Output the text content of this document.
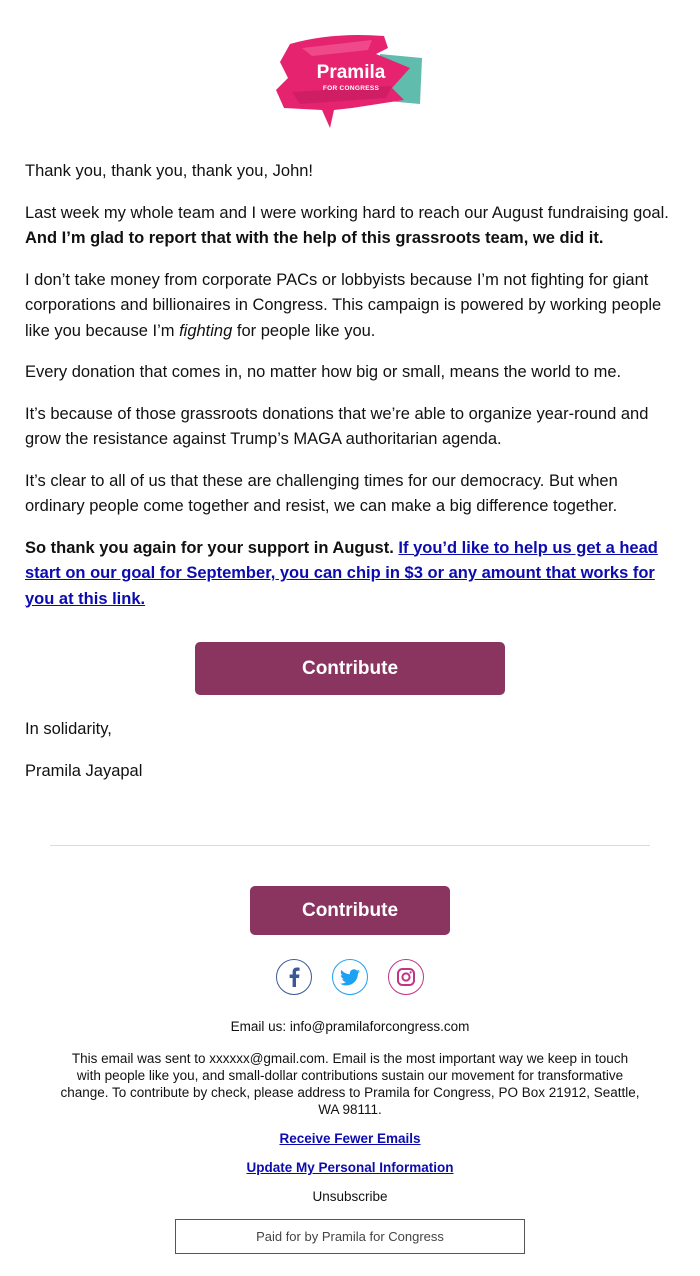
Pramila
FOR CONGRESS

Thank you, thank you, thank you, John!

Last week my whole team and I were working hard to reach our August fundraising goal. And I’m glad to report that with the help of this grassroots team, we did it.

I don’t take money from corporate PACs or lobbyists because I’m not fighting for giant corporations and billionaires in Congress. This campaign is powered by working people like you because I’m fighting for people like you.

Every donation that comes in, no matter how big or small, means the world to me.

It’s because of those grassroots donations that we’re able to organize year-round and grow the resistance against Trump’s MAGA authoritarian agenda.

It’s clear to all of us that these are challenging times for our democracy. But when ordinary people come together and resist, we can make a big difference together.

So thank you again for your support in August. If you’d like to help us get a head start on our goal for September, you can chip in $3 or any amount that works for you at this link.

Contribute
In solidarity,
Pramila Jayapal
Contribute
Email us: info@pramilaforcongress.com
This email was sent to xxxxxx@gmail.com. Email is the most important way we keep in touch with people like you, and small-dollar contributions sustain our movement for transformative change. To contribute by check, please address to Pramila for Congress, PO Box 21912, Seattle, WA 98111.
Receive Fewer Emails
Update My Personal Information
Unsubscribe
Paid for by Pramila for Congress
